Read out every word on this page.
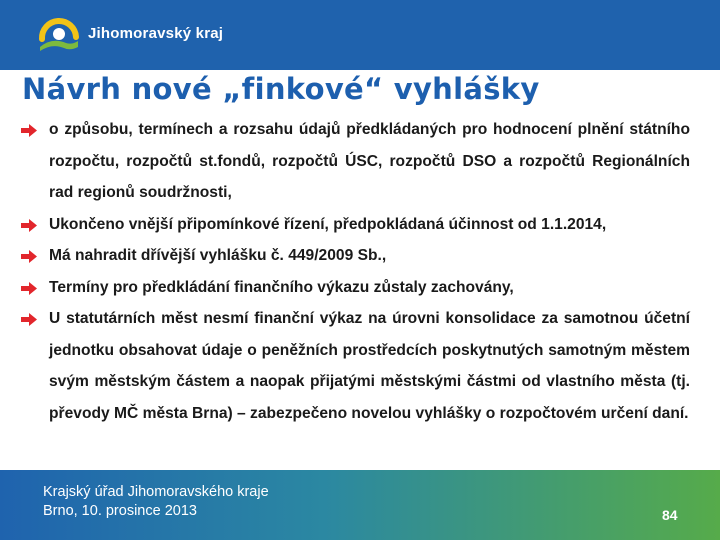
Jihomoravský kraj
Návrh nové „finkové“ vyhlášky

o způsobu, termínech a rozsahu údajů předkládaných pro hodnocení plnění státního rozpočtu, rozpočtů st.fondů, rozpočtů ÚSC, rozpočtů DSO a rozpočtů Regionálních rad regionů soudržnosti,

Ukončeno vnější připomínkové řízení, předpokládaná účinnost od 1.1.2014,

Má nahradit dřívější vyhlášku č. 449/2009 Sb.,

Termíny pro předkládání finančního výkazu zůstaly zachovány,

U statutárních měst nesmí finanční výkaz na úrovni konsolidace za samotnou účetní jednotku obsahovat údaje o peněžních prostředcích poskytnutých samotným městem svým městským částem a naopak přijatými městskými částmi od vlastního města (tj. převody MČ města Brna) – zabezpečeno novelou vyhlášky o rozpočtovém určení daní.

Krajský úřad Jihomoravského kraje
Brno, 10. prosince 2013	84
